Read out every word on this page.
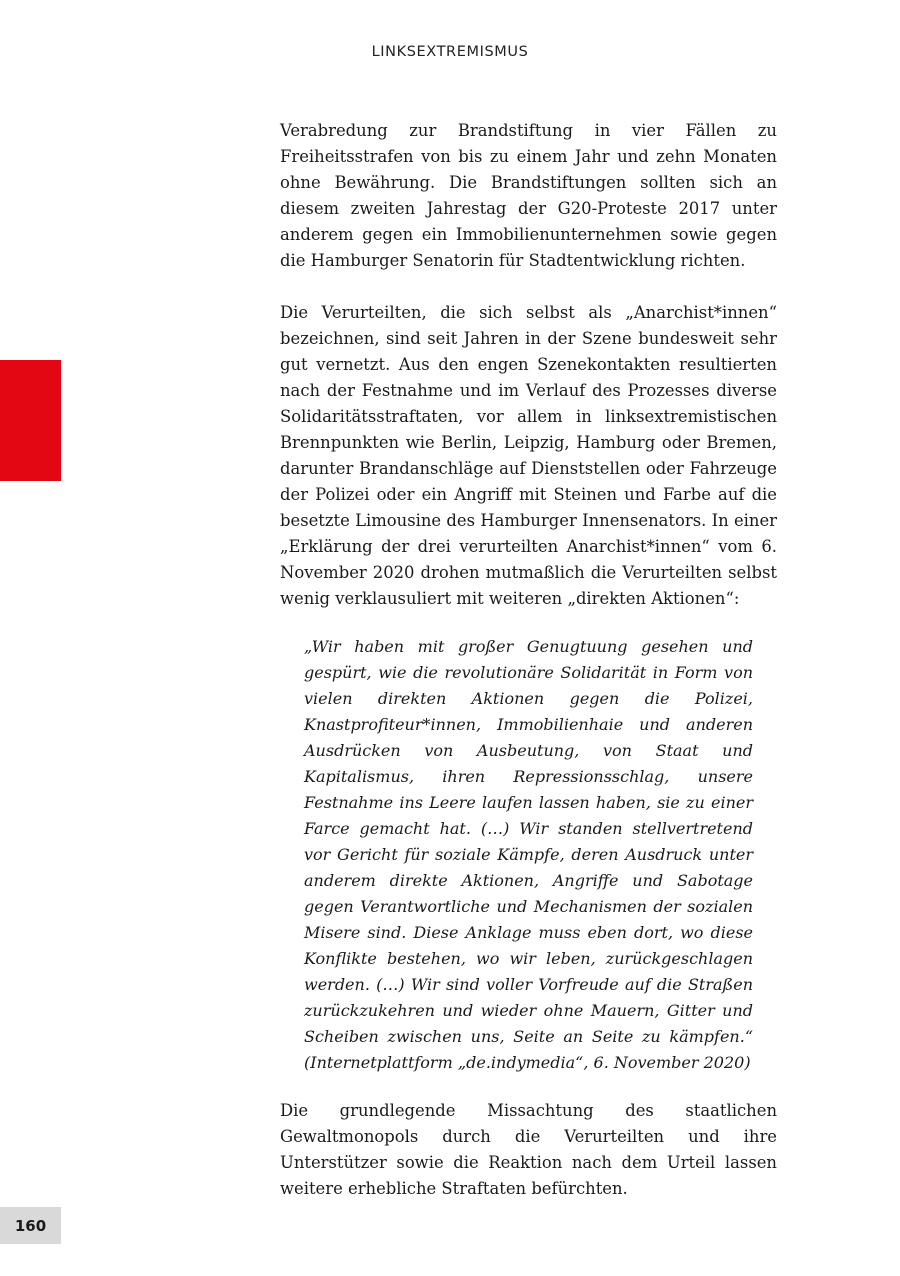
LINKSEXTREMISMUS

Verabredung zur Brandstiftung in vier Fällen zu Freiheitsstrafen von bis zu einem Jahr und zehn Monaten ohne Bewährung. Die Brandstiftungen sollten sich an diesem zweiten Jahrestag der G20-Proteste 2017 unter anderem gegen ein Immobilienunternehmen sowie gegen die Hamburger Senatorin für Stadtentwicklung richten.

Die Verurteilten, die sich selbst als „Anarchist*innen“ bezeichnen, sind seit Jahren in der Szene bundesweit sehr gut vernetzt. Aus den engen Szenekontakten resultierten nach der Festnahme und im Verlauf des Prozesses diverse Solidaritätsstraftaten, vor allem in linksextremistischen Brennpunkten wie Berlin, Leipzig, Hamburg oder Bremen, darunter Brandanschläge auf Dienststellen oder Fahrzeuge der Polizei oder ein Angriff mit Steinen und Farbe auf die besetzte Limousine des Hamburger Innensenators. In einer „Erklärung der drei verurteilten Anarchist*innen“ vom 6. November 2020 drohen mutmaßlich die Verurteilten selbst wenig verklausuliert mit weiteren „direkten Aktionen“:

„Wir haben mit großer Genugtuung gesehen und gespürt, wie die revolutionäre Solidarität in Form von vielen direkten Aktionen gegen die Polizei, Knastprofiteur*innen, Immobilienhaie und anderen Ausdrücken von Ausbeutung, von Staat und Kapitalismus, ihren Repressionsschlag, unsere Festnahme ins Leere laufen lassen haben, sie zu einer Farce gemacht hat. (…) Wir standen stellvertretend vor Gericht für soziale Kämpfe, deren Ausdruck unter anderem direkte Aktionen, Angriffe und Sabotage gegen Verantwortliche und Mechanismen der sozialen Misere sind. Diese Anklage muss eben dort, wo diese Konflikte bestehen, wo wir leben, zurückgeschlagen werden. (…) Wir sind voller Vorfreude auf die Straßen zurückzukehren und wieder ohne Mauern, Gitter und Scheiben zwischen uns, Seite an Seite zu kämpfen.“ (Internetplattform „de.indymedia“, 6. November 2020)

Die grundlegende Missachtung des staatlichen Gewaltmonopols durch die Verurteilten und ihre Unterstützer sowie die Reaktion nach dem Urteil lassen weitere erhebliche Straftaten befürchten.

160
